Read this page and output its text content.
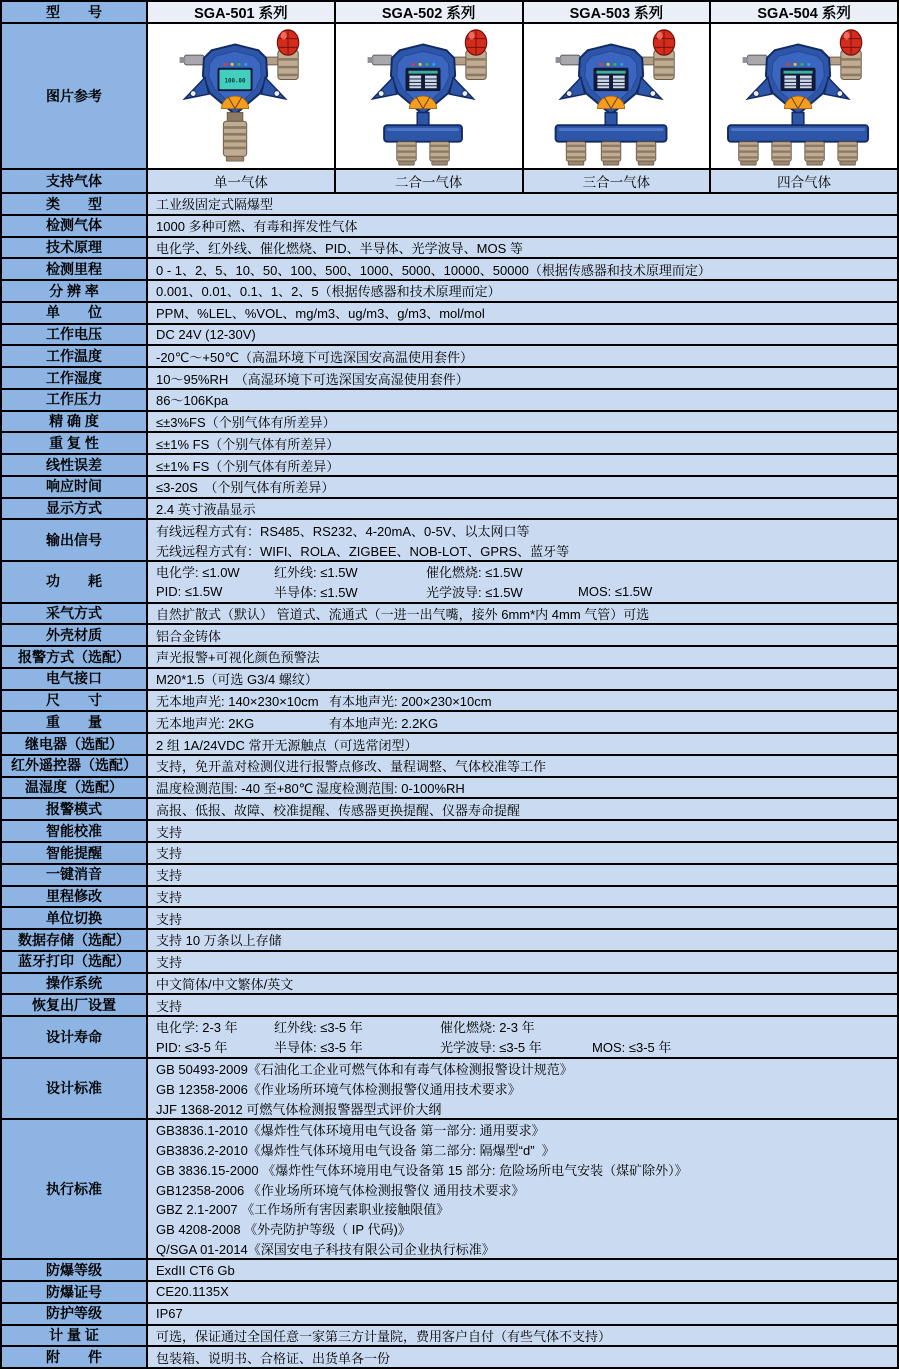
型　　号	SGA-501 系列	SGA-502 系列	SGA-503 系列	SGA-504 系列
图片参考
100.00
支持气体	单一气体	二合一气体	三合一气体	四合气体
类　　型	工业级固定式隔爆型
检测气体	1000 多种可燃、有毒和挥发性气体
技术原理	电化学、红外线、催化燃烧、PID、半导体、光学波导、MOS 等
检测里程	0 - 1、2、5、10、50、100、500、1000、5000、10000、50000（根据传感器和技术原理而定）
分 辨 率	0.001、0.01、0.1、1、2、5（根据传感器和技术原理而定）
单　　位	PPM、%LEL、%VOL、mg/m3、ug/m3、g/m3、mol/mol
工作电压	DC 24V (12-30V)
工作温度	-20℃～+50℃（高温环境下可选深国安高温使用套件）
工作湿度	10～95%RH　（高湿环境下可选深国安高湿使用套件）
工作压力	86～106Kpa
精 确 度	≤±3%FS（个别气体有所差异）
重 复 性	≤±1% FS（个别气体有所差异）
线性误差	≤±1% FS（个别气体有所差异）
响应时间	≤3-20S　（个别气体有所差异）
显示方式	2.4 英寸液晶显示
输出信号
有线远程方式有：RS485、RS232、4-20mA、0-5V、以太网口等
无线远程方式有：WIFI、ROLA、ZIGBEE、NOB-LOT、GPRS、蓝牙等
功　　耗
电化学: ≤1.0W	红外线: ≤1.5W	催化燃烧: ≤1.5W
PID: ≤1.5W	半导体: ≤1.5W	光学波导: ≤1.5W	MOS: ≤1.5W
采气方式	自然扩散式（默认） 管道式、流通式（一进一出气嘴，接外 6mm*内 4mm 气管）可选
外壳材质	铝合金铸体
报警方式（选配）	声光报警+可视化颜色预警法
电气接口	M20*1.5（可选 G3/4 螺纹）
尺　　寸	无本地声光: 140×230×10cm 有本地声光: 200×230×10cm
重　　量	无本地声光: 2KG	有本地声光: 2.2KG
继电器（选配）	2 组 1A/24VDC 常开无源触点（可选常闭型）
红外遥控器（选配）	支持，免开盖对检测仪进行报警点修改、量程调整、气体校准等工作
温湿度（选配）	温度检测范围: -40 至+80℃ 湿度检测范围: 0-100%RH
报警模式	高报、低报、故障、校准提醒、传感器更换提醒、仪器寿命提醒
智能校准	支持
智能提醒	支持
一键消音	支持
里程修改	支持
单位切换	支持
数据存储（选配）	支持 10 万条以上存储
蓝牙打印（选配）	支持
操作系统	中文简体/中文繁体/英文
恢复出厂设置	支持
设计寿命
电化学: 2-3 年	红外线: ≤3-5 年	催化燃烧: 2-3 年
PID: ≤3-5 年	半导体: ≤3-5 年	光学波导: ≤3-5 年	MOS: ≤3-5 年
设计标准
GB 50493-2009《石油化工企业可燃气体和有毒气体检测报警设计规范》
GB 12358-2006《作业场所环境气体检测报警仪通用技术要求》
JJF 1368-2012 可燃气体检测报警器型式评价大纲
执行标准
GB3836.1-2010《爆炸性气体环境用电气设备 第一部分: 通用要求》
GB3836.2-2010《爆炸性气体环境用电气设备 第二部分: 隔爆型“d”  》
GB 3836.15-2000 《爆炸性气体环境用电气设备第 15 部分: 危险场所电气安装（煤矿除外）》
GB12358-2006 《作业场所环境气体检测报警仪 通用技术要求》
GBZ 2.1-2007 《工作场所有害因素职业接触限值》
GB 4208-2008 《外壳防护等级（ IP 代码)》
Q/SGA 01-2014《深国安电子科技有限公司企业执行标准》
防爆等级	ExdII CT6 Gb
防爆证号	CE20.1135X
防护等级	IP67
计 量 证	可选，保证通过全国任意一家第三方计量院，费用客户自付（有些气体不支持）
附　　件	包装箱、说明书、合格证、出货单各一份
